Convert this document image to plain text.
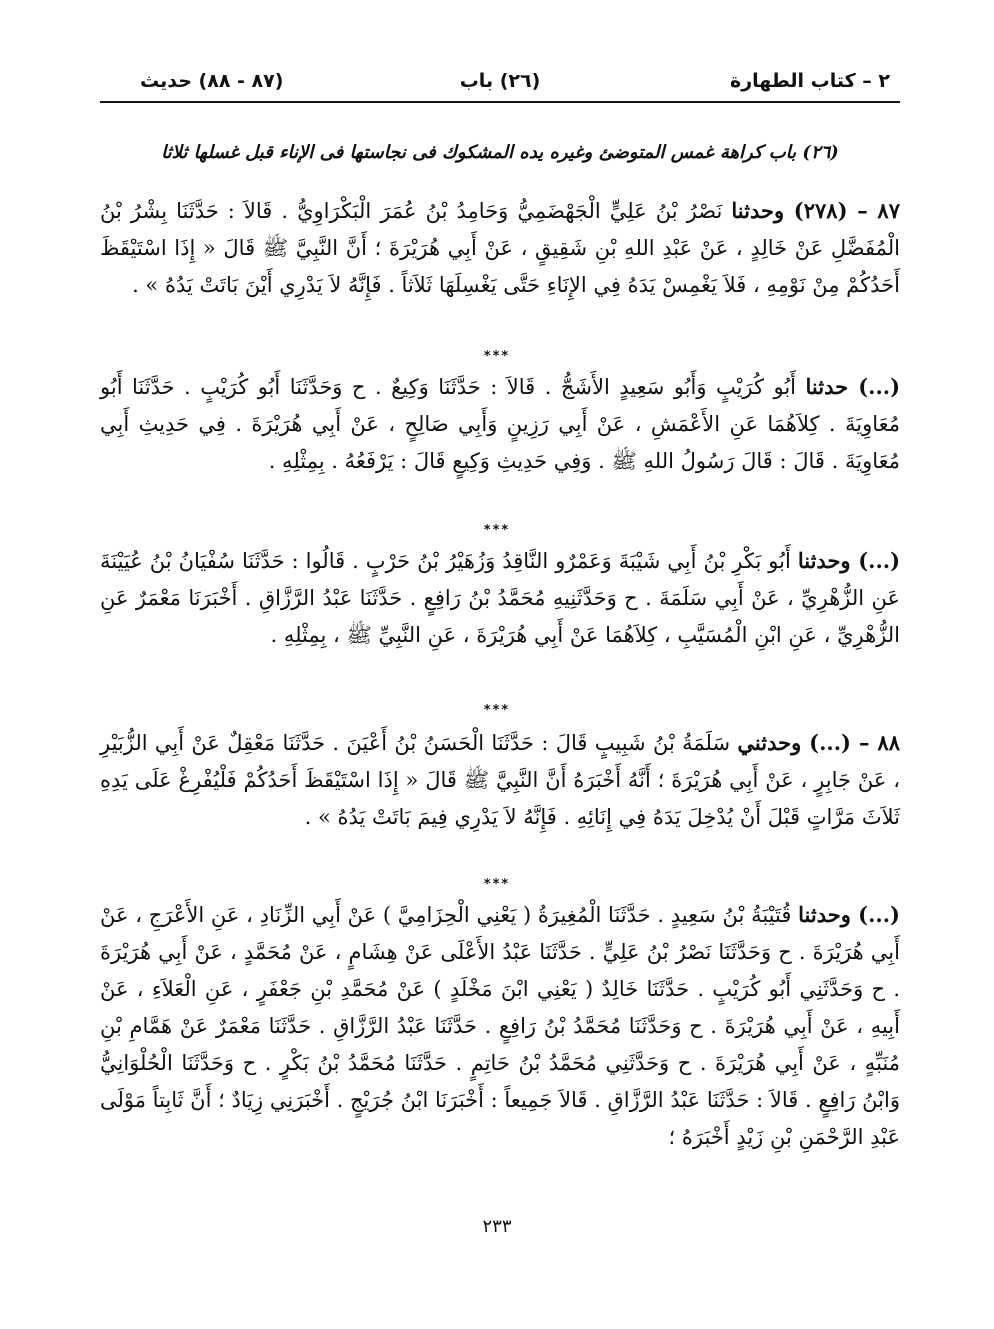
٢ – كتاب الطهارة
(٢٦) باب
(٨٧ - ٨٨) حديث
(٢٦) باب كراهة غمس المتوضئ وغيره يده المشكوك فى نجاستها فى الإناء قبل غسلها ثلاثا
٨٧ – (٢٧٨) وحدثنا نَصْرُ بْنُ عَلِيٍّ الْجَهْضَمِيُّ وَحَامِدُ بْنُ عُمَرَ الْبَكْرَاوِيُّ . قَالاَ : حَدَّثَنَا بِشْرُ بْنُ الْمُفَضَّلِ عَنْ خَالِدٍ ، عَنْ عَبْدِ اللهِ بْنِ شَقِيقٍ ، عَنْ أَبِي هُرَيْرَةَ ؛ أَنَّ النَّبِيَّ ﷺ قَالَ « إِذَا اسْتَيْقَظَ أَحَدُكُمْ مِنْ نَوْمِهِ ، فَلاَ يَغْمِسْ يَدَهُ فِي الإِنَاءِ حَتَّى يَغْسِلَهَا ثَلاَثاً . فَإِنَّهُ لاَ يَدْرِي أَيْنَ بَاتَتْ يَدُهُ » .
***
(...) حدثنا أَبُو كُرَيْبٍ وَأَبُو سَعِيدٍ الأَشَجُّ . قَالاَ : حَدَّثَنَا وَكِيعٌ . ح وَحَدَّثَنَا أَبُو كُرَيْبٍ . حَدَّثَنَا أَبُو مُعَاوِيَةَ . كِلاَهُمَا عَنِ الأَعْمَشِ ، عَنْ أَبِي رَزِينٍ وَأَبِي صَالِحٍ ، عَنْ أَبِي هُرَيْرَةَ . فِي حَدِيثِ أَبِي مُعَاوِيَةَ . قَالَ : قَالَ رَسُولُ اللهِ ﷺ . وَفِي حَدِيثِ وَكِيعٍ قَالَ : يَرْفَعُهُ . بِمِثْلِهِ .
***
(...) وحدثنا أَبُو بَكْرِ بْنُ أَبِي شَيْبَةَ وَعَمْرٌو النَّاقِدُ وَزُهَيْرُ بْنُ حَرْبٍ . قَالُوا : حَدَّثَنَا سُفْيَانُ بْنُ عُيَيْنَةَ عَنِ الزُّهْرِيِّ ، عَنْ أَبِي سَلَمَةَ . ح وَحَدَّثَنِيهِ مُحَمَّدُ بْنُ رَافِعٍ . حَدَّثَنَا عَبْدُ الرَّزَّاقِ . أَخْبَرَنَا مَعْمَرٌ عَنِ الزُّهْرِيِّ ، عَنِ ابْنِ الْمُسَيَّبِ ، كِلاَهُمَا عَنْ أَبِي هُرَيْرَةَ ، عَنِ النَّبِيِّ ﷺ ، بِمِثْلِهِ .
***
٨٨ – (...) وحدثني سَلَمَةُ بْنُ شَبِيبٍ قَالَ : حَدَّثَنَا الْحَسَنُ بْنُ أَعْيَنَ . حَدَّثَنَا مَعْقِلٌ عَنْ أَبِي الزُّبَيْرِ ، عَنْ جَابِرٍ ، عَنْ أَبِي هُرَيْرَةَ ؛ أَنَّهُ أَخْبَرَهُ أَنَّ النَّبِيَّ ﷺ قَالَ « إِذَا اسْتَيْقَظَ أَحَدُكُمْ فَلْيُفْرِغْ عَلَى يَدِهِ ثَلاَثَ مَرَّاتٍ قَبْلَ أَنْ يُدْخِلَ يَدَهُ فِي إِنَائِهِ . فَإِنَّهُ لاَ يَدْرِي فِيمَ بَاتَتْ يَدُهُ » .
***
(...) وحدثنا قُتَيْبَةُ بْنُ سَعِيدٍ . حَدَّثَنَا الْمُغِيرَةُ ( يَعْنِي الْحِزَامِيَّ ) عَنْ أَبِي الزِّنَادِ ، عَنِ الأَعْرَجِ ، عَنْ أَبِي هُرَيْرَةَ . ح وَحَدَّثَنَا نَصْرُ بْنُ عَلِيٍّ . حَدَّثَنَا عَبْدُ الأَعْلَى عَنْ هِشَامٍ ، عَنْ مُحَمَّدٍ ، عَنْ أَبِي هُرَيْرَةَ . ح وَحَدَّثَنِي أَبُو كُرَيْبٍ . حَدَّثَنَا خَالِدٌ ( يَعْنِي ابْنَ مَخْلَدٍ ) عَنْ مُحَمَّدِ بْنِ جَعْفَرٍ ، عَنِ الْعَلاَءِ ، عَنْ أَبِيهِ ، عَنْ أَبِي هُرَيْرَةَ . ح وَحَدَّثَنَا مُحَمَّدُ بْنُ رَافِعٍ . حَدَّثَنَا عَبْدُ الرَّزَّاقِ . حَدَّثَنَا مَعْمَرٌ عَنْ هَمَّامِ بْنِ مُنَبِّهٍ ، عَنْ أَبِي هُرَيْرَةَ . ح وَحَدَّثَنِي مُحَمَّدُ بْنُ حَاتِمٍ . حَدَّثَنَا مُحَمَّدُ بْنُ بَكْرٍ . ح وَحَدَّثَنَا الْحُلْوَانِيُّ وَابْنُ رَافِعٍ . قَالاَ : حَدَّثَنَا عَبْدُ الرَّزَّاقِ . قَالاَ جَمِيعاً : أَخْبَرَنَا ابْنُ جُرَيْجٍ . أَخْبَرَنِي زِيَادٌ ؛ أَنَّ ثَابِتاً مَوْلَى عَبْدِ الرَّحْمَنِ بْنِ زَيْدٍ أَخْبَرَهُ ؛
٢٣٣
